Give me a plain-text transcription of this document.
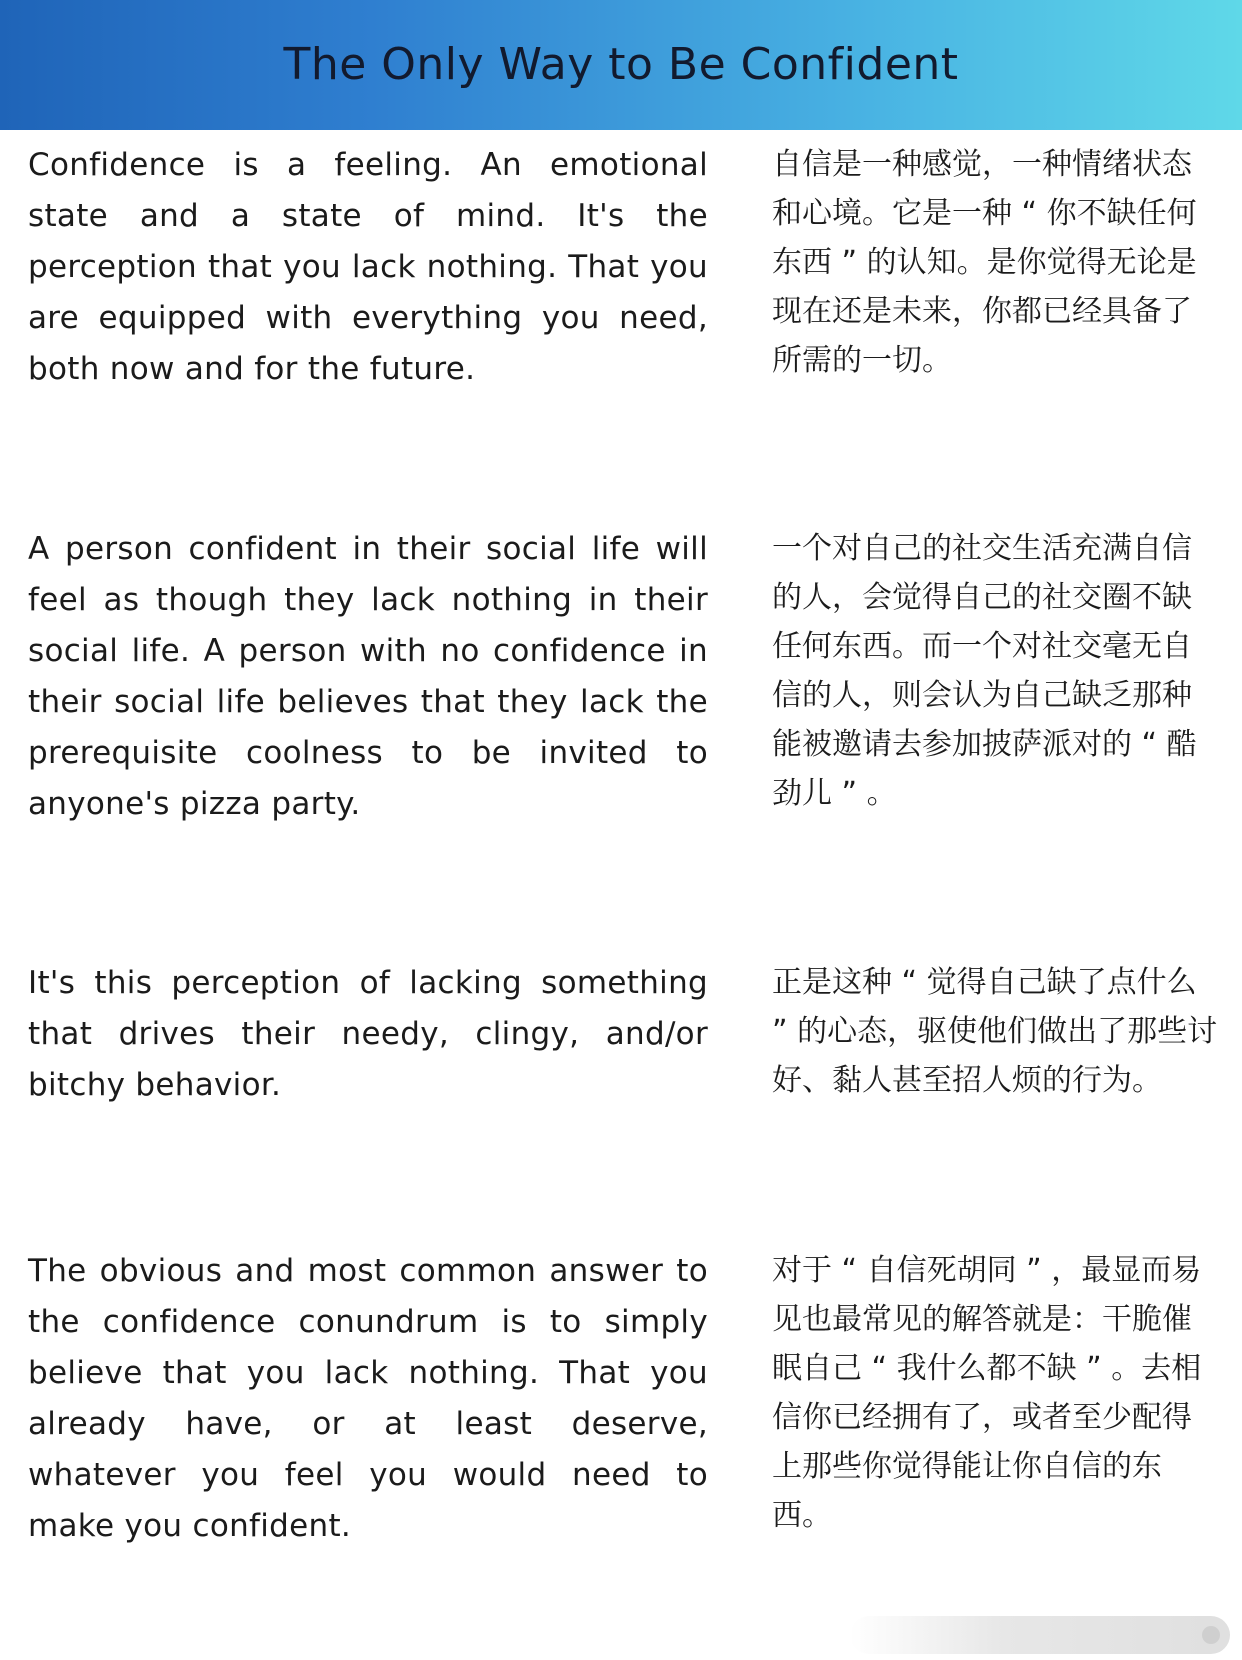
The Only Way to Be Confident
Confidence is a feeling. An emotional state and a state of mind. It's the perception that you lack nothing. That you are equipped with everything you need, both now and for the future.
自信是一种感觉，一种情绪状态和心境。它是一种 “ 你不缺任何东西 ” 的认知。是你觉得无论是现在还是未来，你都已经具备了所需的一切。
A person confident in their social life will feel as though they lack nothing in their social life. A person with no confidence in their social life believes that they lack the prerequisite coolness to be invited to anyone's pizza party.
一个对自己的社交生活充满自信的人，会觉得自己的社交圈不缺任何东西。而一个对社交毫无自信的人，则会认为自己缺乏那种能被邀请去参加披萨派对的 “ 酷劲儿 ” 。
It's this perception of lacking something that drives their needy, clingy, and/or bitchy behavior.
正是这种 “ 觉得自己缺了点什么 ” 的心态，驱使他们做出了那些讨好、黏人甚至招人烦的行为。
The obvious and most common answer to the confidence conundrum is to simply believe that you lack nothing. That you already have, or at least deserve, whatever you feel you would need to make you confident.
对于 “ 自信死胡同 ” ，最显而易见也最常见的解答就是：干脆催眠自己 “ 我什么都不缺 ” 。去相信你已经拥有了，或者至少配得上那些你觉得能让你自信的东西。
